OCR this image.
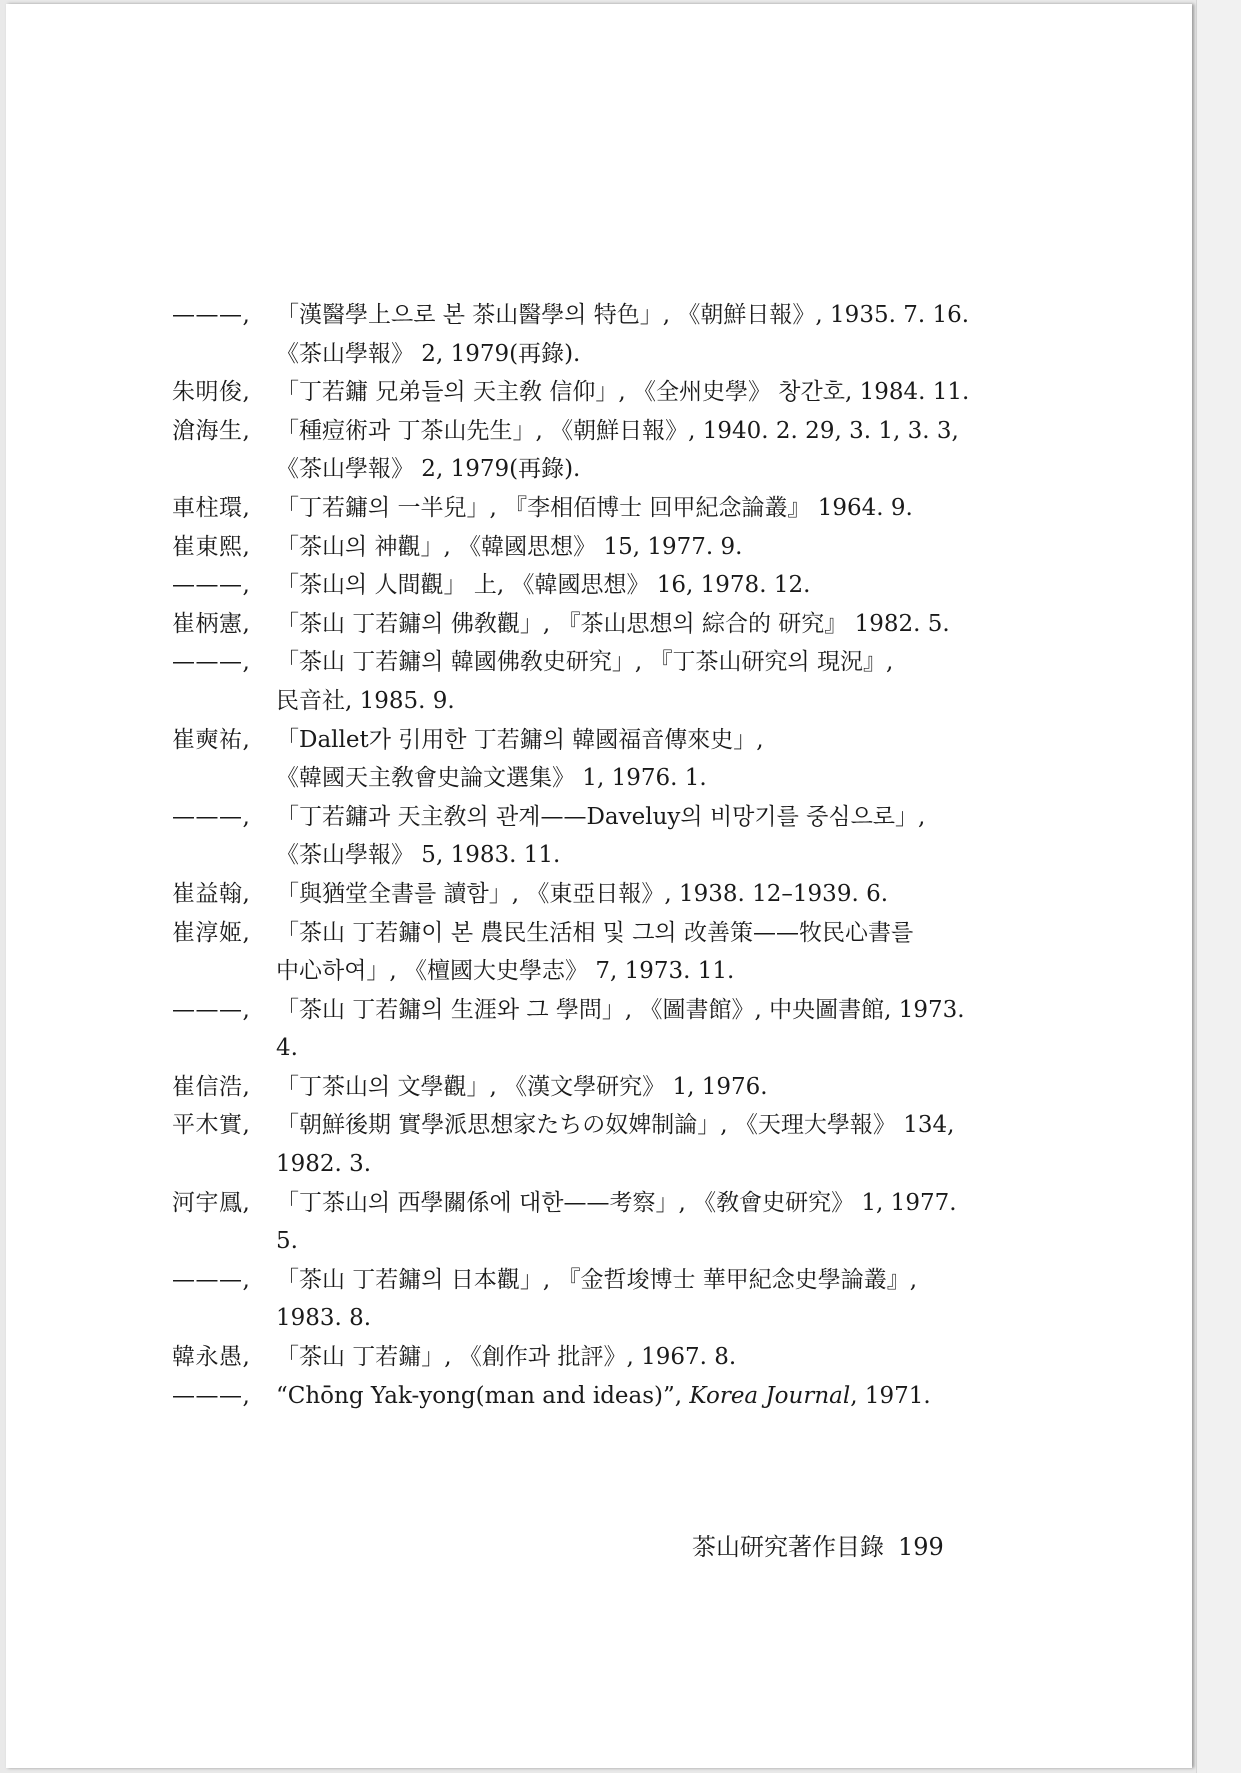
———,	「漢醫學上으로 본 茶山醫學의 特色」, 《朝鮮日報》, 1935. 7. 16. 《茶山學報》 2, 1979(再錄).
朱明俊,	「丁若鏞 兄弟들의 天主敎 信仰」, 《全州史學》 창간호, 1984. 11.
滄海生,	「種痘術과 丁茶山先生」, 《朝鮮日報》, 1940. 2. 29, 3. 1, 3. 3, 《茶山學報》 2, 1979(再錄).
車柱環,	「丁若鏞의 一半兒」, 『李相佰博士 回甲紀念論叢』 1964. 9.
崔東熙,	「茶山의 神觀」, 《韓國思想》 15, 1977. 9.
———,	「茶山의 人間觀」 上, 《韓國思想》 16, 1978. 12.
崔柄憲,	「茶山 丁若鏞의 佛敎觀」, 『茶山思想의 綜合的 研究』 1982. 5.
———,	「茶山 丁若鏞의 韓國佛敎史研究」, 『丁茶山研究의 現況』, 民音社, 1985. 9.
崔奭祐,	「Dallet가 引用한 丁若鏞의 韓國福音傳來史」, 《韓國天主敎會史論文選集》 1, 1976. 1.
———,	「丁若鏞과 天主敎의 관계——Daveluy의 비망기를 중심으로」, 《茶山學報》 5, 1983. 11.
崔益翰,	「與猶堂全書를 讀함」, 《東亞日報》, 1938. 12–1939. 6.
崔淳姬,	「茶山 丁若鏞이 본 農民生活相 및 그의 改善策——牧民心書를 中心하여」, 《檀國大史學志》 7, 1973. 11.
———,	「茶山 丁若鏞의 生涯와 그 學問」, 《圖書館》, 中央圖書館, 1973. 4.
崔信浩,	「丁茶山의 文學觀」, 《漢文學研究》 1, 1976.
平木實,	「朝鮮後期 實學派思想家たちの奴婢制論」, 《天理大學報》 134, 1982. 3.
河宇鳳,	「丁茶山의 西學關係에 대한——考察」, 《敎會史研究》 1, 1977. 5.
———,	「茶山 丁若鏞의 日本觀」, 『金哲埈博士 華甲紀念史學論叢』, 1983. 8.
韓永愚,	「茶山 丁若鏞」, 《創作과 批評》, 1967. 8.
———,	“Chōng Yak-yong(man and ideas)”, Korea Journal, 1971.
茶山研究著作目錄 199
